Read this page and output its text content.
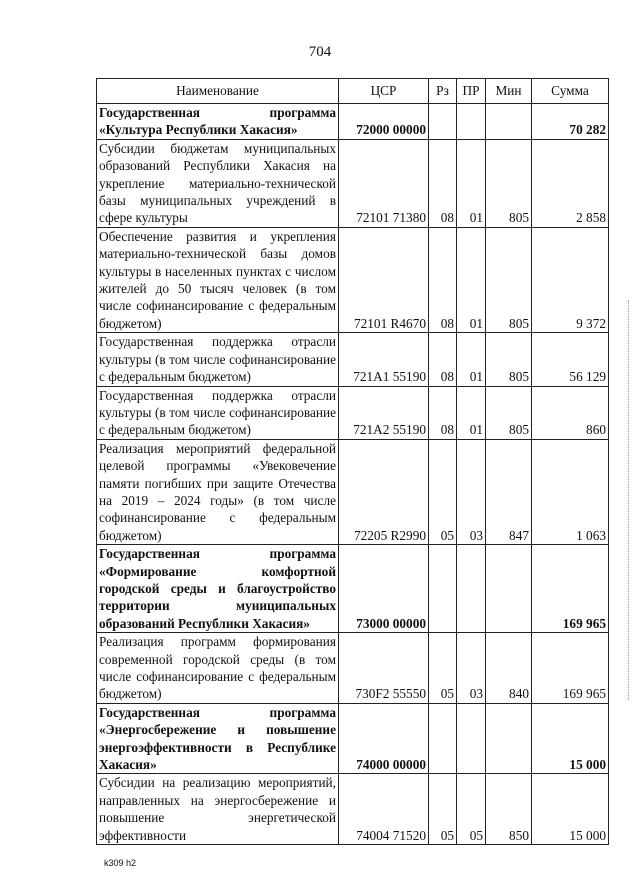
704
Наименование	ЦСР	Рз	ПР	Мин	Сумма
Государственная программа «Культура Республики Хакасия»	72000 00000				70 282
Субсидии бюджетам муниципальных образований Республики Хакасия на укрепление материально-технической базы муниципальных учреждений в сфере культуры	72101 71380	08	01	805	2 858
Обеспечение развития и укрепления материально-технической базы домов культуры в населенных пунктах с числом жителей до 50 тысяч человек (в том числе софинансирование с федеральным бюджетом)	72101 R4670	08	01	805	9 372
Государственная поддержка отрасли культуры (в том числе софинансирование с федеральным бюджетом)	721A1 55190	08	01	805	56 129
Государственная поддержка отрасли культуры (в том числе софинансирование с федеральным бюджетом)	721A2 55190	08	01	805	860
Реализация мероприятий федеральной целевой программы «Увековечение памяти погибших при защите Отечества на 2019 – 2024 годы» (в том числе софинансирование с федеральным бюджетом)	72205 R2990	05	03	847	1 063
Государственная программа «Формирование комфортной городской среды и благоустройство территории муниципальных образований Республики Хакасия»	73000 00000				169 965
Реализация программ формирования современной городской среды (в том числе софинансирование с федеральным бюджетом)	730F2 55550	05	03	840	169 965
Государственная программа «Энергосбережение и повышение энергоэффективности в Республике Хакасия»	74000 00000				15 000
Субсидии на реализацию мероприятий, направленных на энергосбережение и повышение энергетической эффективности	74004 71520	05	05	850	15 000
k309 h2
